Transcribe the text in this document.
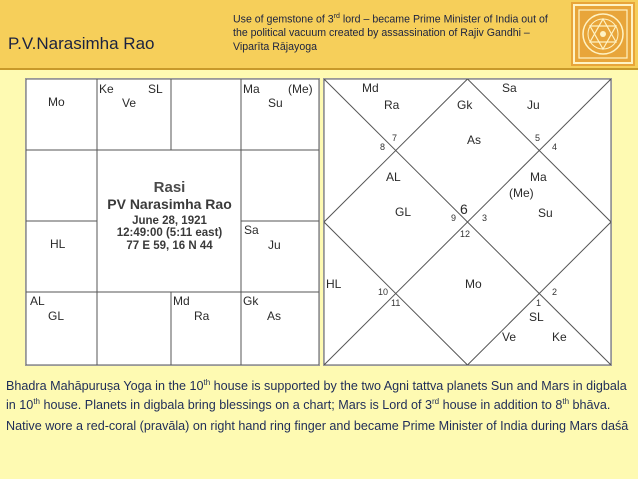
P.V.Narasimha Rao
Use of gemstone of 3rd lord – became Prime Minister of India out of the political vacuum created by assassination of Rajiv Gandhi – Viparīta Rājayoga
Mo
Ke	SL
Ve
Ma (Me)
Su
HL
Sa
Ju
AL
GL
Md
Ra
Gk
As
Rasi
PV Narasimha Rao
June 28, 1921
12:49:00 (5:11 east)
77 E 59, 16 N 44
Md	Sa
Ra	Gk	Ju
As
7
8
5
4
AL	Ma
(Me)
GL	Su
6
9	3
12
HL	Mo
10
11
2
1
SL
Ve	Ke

Bhadra Mahāpuruṣa Yoga in the 10th house is supported by the two Agni tattva planets Sun and Mars in digbala in 10th house. Planets in digbala bring blessings on a chart; Mars is Lord of 3rd house in addition to 8th bhāva.

Native wore a red-coral (pravāla) on right hand ring finger and became Prime Minister of India during Mars daśā
